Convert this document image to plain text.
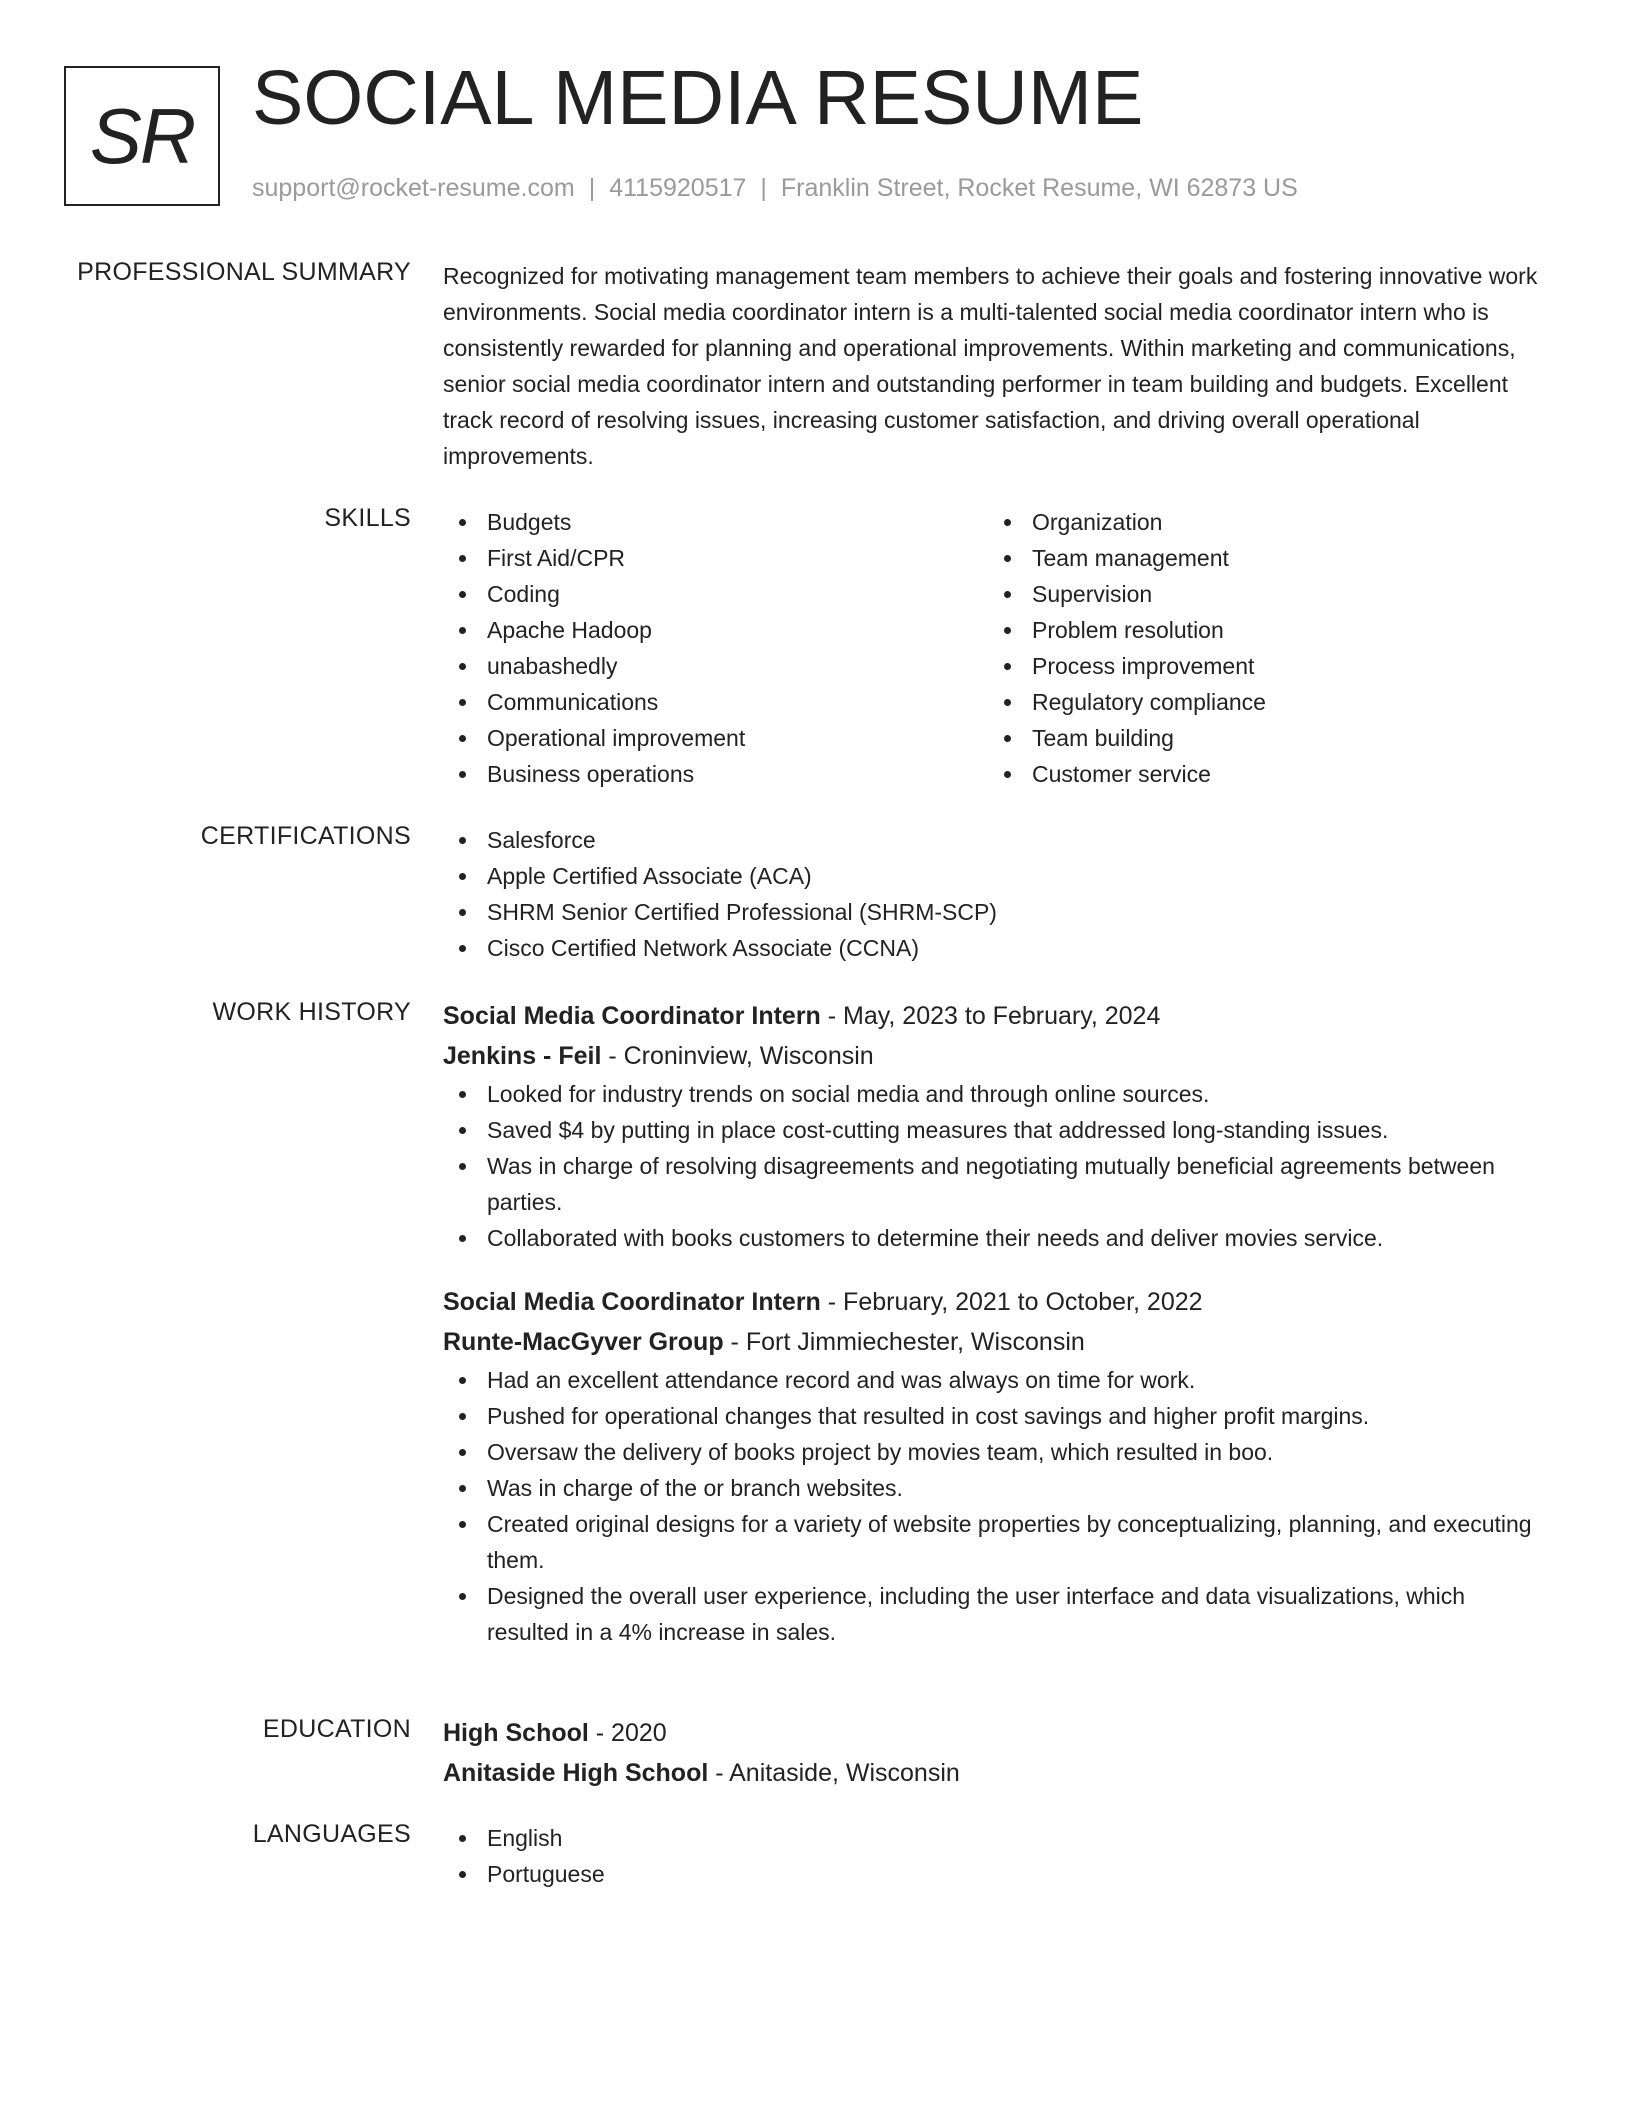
SR SOCIAL MEDIA RESUME
support@rocket-resume.com | 4115920517 | Franklin Street, Rocket Resume, WI 62873 US
PROFESSIONAL SUMMARY Recognized for motivating management team members to achieve their goals and fostering innovative work environments. Social media coordinator intern is a multi-talented social media coordinator intern who is consistently rewarded for planning and operational improvements. Within marketing and communications, senior social media coordinator intern and outstanding performer in team building and budgets. Excellent track record of resolving issues, increasing customer satisfaction, and driving overall operational improvements.

SKILLS	Budgets
First Aid/CPR
Coding
Apache Hadoop
unabashedly
Communications
Operational improvement
Business operations
Organization
Team management
Supervision
Problem resolution
Process improvement
Regulatory compliance
Team building
Customer service
CERTIFICATIONS	Salesforce
Apple Certified Associate (ACA)
SHRM Senior Certified Professional (SHRM-SCP)
Cisco Certified Network Associate (CCNA)
WORK HISTORY Social Media Coordinator Intern - May, 2023 to February, 2024
Jenkins - Feil - Croninview, Wisconsin
Looked for industry trends on social media and through online sources.
Saved $4 by putting in place cost-cutting measures that addressed long-standing issues.
Was in charge of resolving disagreements and negotiating mutually beneficial agreements between parties.
Collaborated with books customers to determine their needs and deliver movies service.
Social Media Coordinator Intern - February, 2021 to October, 2022
Runte-MacGyver Group - Fort Jimmiechester, Wisconsin
Had an excellent attendance record and was always on time for work.
Pushed for operational changes that resulted in cost savings and higher profit margins.
Oversaw the delivery of books project by movies team, which resulted in boo.
Was in charge of the or branch websites.
Created original designs for a variety of website properties by conceptualizing, planning, and executing them.
Designed the overall user experience, including the user interface and data visualizations, which resulted in a 4% increase in sales.
EDUCATION High School - 2020
Anitaside High School - Anitaside, Wisconsin
LANGUAGES	English
Portuguese
